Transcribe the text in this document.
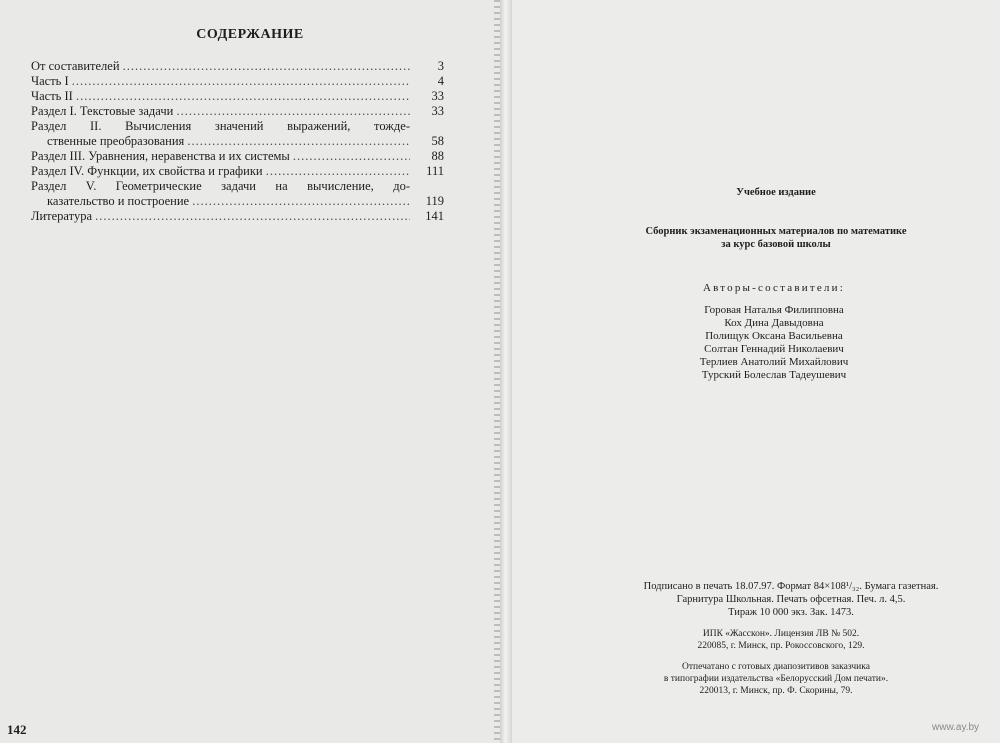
СОДЕРЖАНИЕ
От составителей .....	3
Часть I .....	4
Часть II .....	33
Раздел I. Текстовые задачи .....	33
Раздел II. Вычисления значений выражений, тожде-
ственные преобразования .....	58
Раздел III. Уравнения, неравенства и их системы .....	88
Раздел IV. Функции, их свойства и графики .....	111
Раздел V. Геометрические задачи на вычисление, до-
казательство и построение .....	119
Литература .....	141
142
Учебное издание
Сборник экзаменационных материалов по математике
за курс базовой школы
Авторы-составители:
Горовая Наталья Филипповна
Кох Дина Давыдовна
Полищук Оксана Васильевна
Солтан Геннадий Николаевич
Терлиев Анатолий Михайлович
Турский Болеслав Тадеушевич
Подписано в печать 18.07.97. Формат 84×108¹/₃₂. Бумага газетная.
Гарнитура Школьная. Печать офсетная. Печ. л. 4,5.
Тираж 10 000 экз. Зак. 1473.
ИПК «Жасскон». Лицензия ЛВ № 502.
220085, г. Минск, пр. Рокоссовского, 129.
Отпечатано с готовых диапозитивов заказчика
в типографии издательства «Белорусский Дом печати».
220013, г. Минск, пр. Ф. Скорины, 79.
www.ay.by
